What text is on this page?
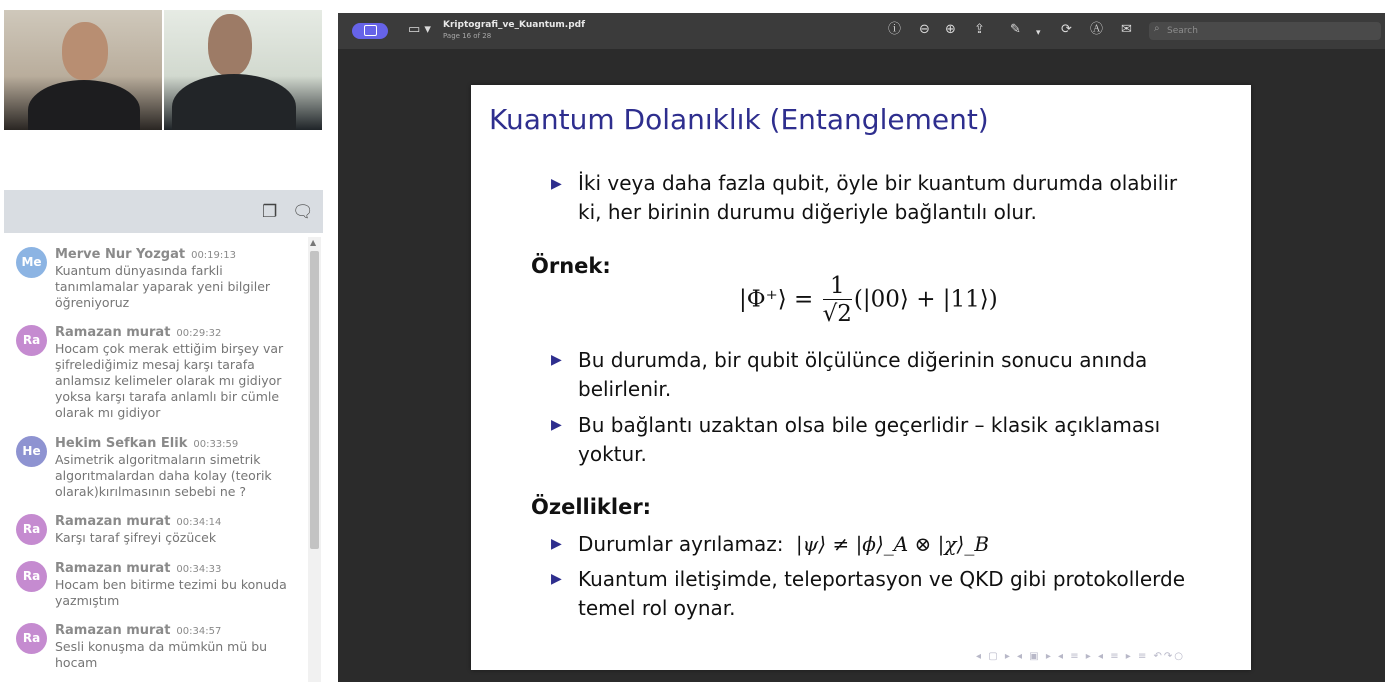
❐ 🗨
Me	Merve Nur Yozgat 00:19:13
Kuantum dünyasında farkli tanımlamalar yaparak yeni bilgiler öğreniyoruz
Ra	Ramazan murat 00:29:32
Hocam çok merak ettiğim birşey var şifrelediğimiz mesaj karşı tarafa anlamsız kelimeler olarak mı gidiyor yoksa karşı tarafa anlamlı bir cümle olarak mı gidiyor
He	Hekim Sefkan Elik 00:33:59
Asimetrik algoritmaların simetrik algorıtmalardan daha kolay (teorik olarak)kırılmasının sebebi ne ?
Ra	Ramazan murat 00:34:14
Karşı taraf şifreyi çözücek
Ra	Ramazan murat 00:34:33
Hocam ben bitirme tezimi bu konuda yazmıştım
Ra	Ramazan murat 00:34:57
Sesli konuşma da mümkün mü bu hocam
▲
▭ ▾ Kriptografi_ve_Kuantum.pdf
Page 16 of 28	ⓘ ⊖ ⊕ ⇪ ✎ ▾ ⟳ Ⓐ ✉ ⌕
Search
Kuantum Dolanıklık (Entanglement)
▶ İki veya daha fazla qubit, öyle bir kuantum durumda olabilir
ki, her birinin durumu diğeriyle bağlantılı olur.
Örnek:
|Φ⁺⟩ = $\frac{1}{√2}$ (|00⟩ + |11⟩)
▶ Bu durumda, bir qubit ölçülünce diğerinin sonucu anında
belirlenir.
▶ Bu bağlantı uzaktan olsa bile geçerlidir – klasik açıklaması
yoktur.
Özellikler:
▶ Durumlar ayrılamaz: |ψ⟩ ≠ |ϕ⟩_A ⊗ |χ⟩_B
▶ Kuantum iletişimde, teleportasyon ve QKD gibi protokollerde
temel rol oynar.
◂ ▢ ▸ ◂ ▣ ▸ ◂ ≡ ▸ ◂ ≡ ▸ ≡ ↶↷○
